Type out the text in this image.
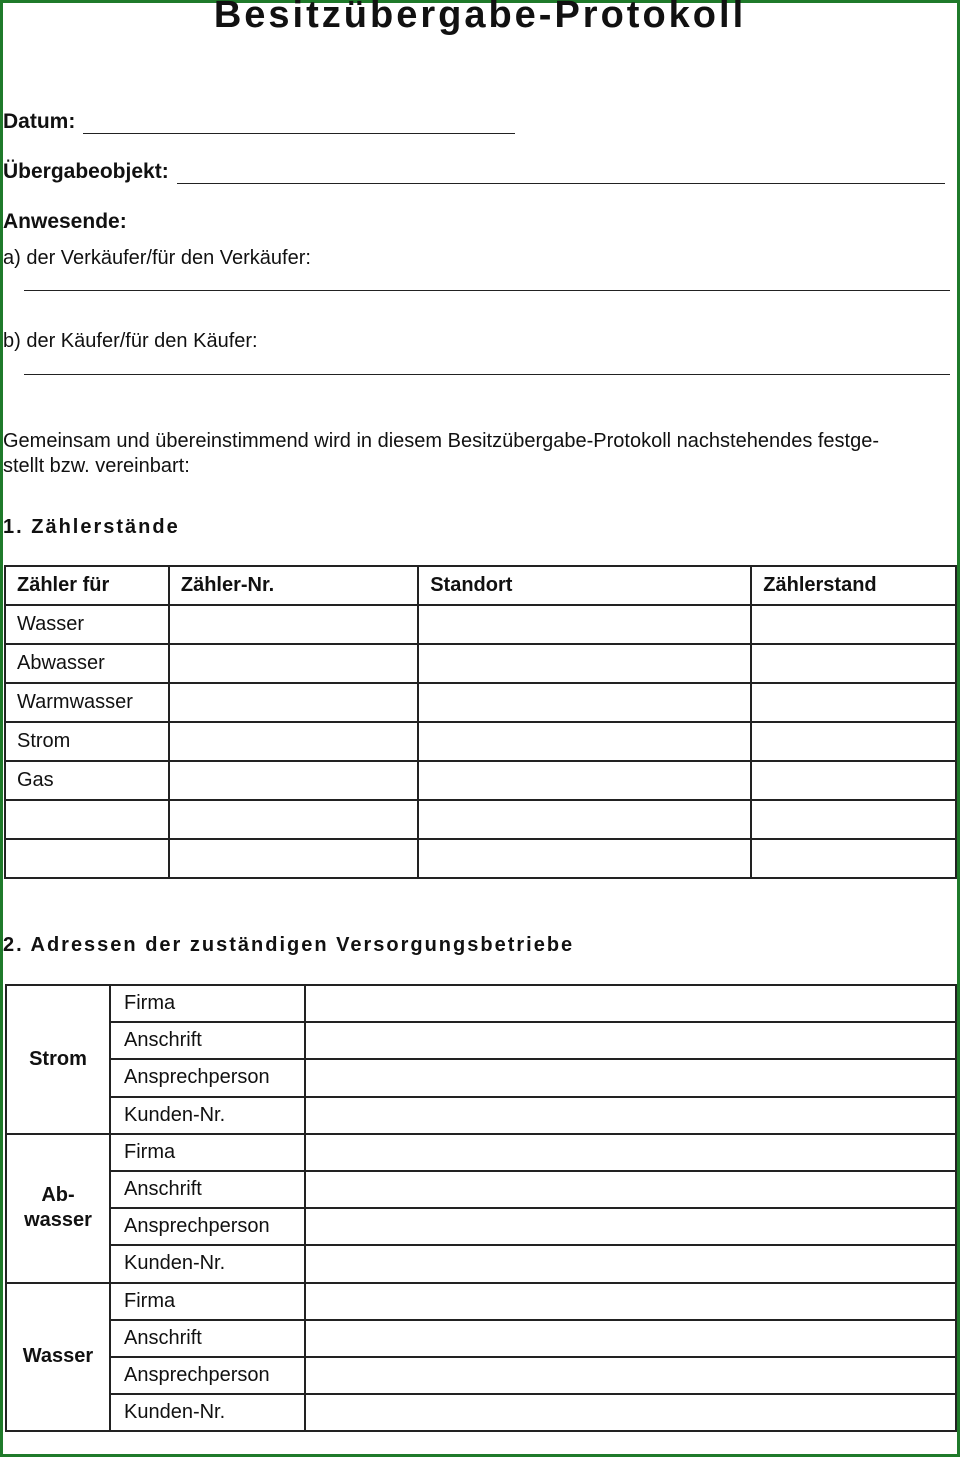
Besitzübergabe-Protokoll
Datum:
Übergabeobjekt:
Anwesende:
a) der Verkäufer/für den Verkäufer:
b) der Käufer/für den Käufer:
Gemeinsam und übereinstimmend wird in diesem Besitzübergabe-Protokoll nachstehendes festge-
stellt bzw. vereinbart:
1. Zählerstände
Zähler für	Zähler-Nr.	Standort	Zählerstand
Wasser			
Abwasser			
Warmwasser			
Strom			
Gas			

2. Adressen der zuständigen Versorgungsbetriebe
Strom	Firma	
	Anschrift	
	Ansprechperson	
	Kunden-Nr.	

Ab-
wasser	Firma	
	Anschrift	
	Ansprechperson	
	Kunden-Nr.	

Wasser	Firma	
	Anschrift	
	Ansprechperson	
	Kunden-Nr.	
